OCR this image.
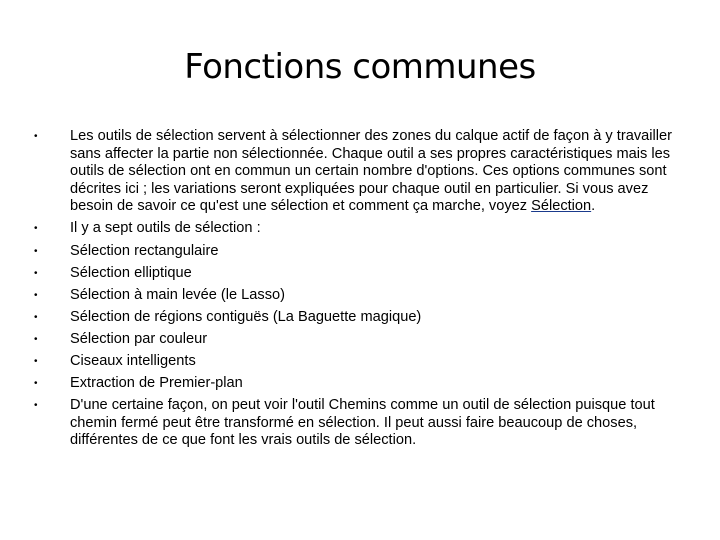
Fonctions communes
•	Les outils de sélection servent à sélectionner des zones du calque actif de façon à y travailler sans affecter la partie non sélectionnée. Chaque outil a ses propres caractéristiques mais les outils de sélection ont en commun un certain nombre d'options. Ces options communes sont décrites ici ; les variations seront expliquées pour chaque outil en particulier. Si vous avez besoin de savoir ce qu'est une sélection et comment ça marche, voyez Sélection.
•	Il y a sept outils de sélection :
•	Sélection rectangulaire
•	Sélection elliptique
•	Sélection à main levée (le Lasso)
•	Sélection de régions contiguës (La Baguette magique)
•	Sélection par couleur
•	Ciseaux intelligents
•	Extraction de Premier-plan
•	D'une certaine façon, on peut voir l'outil Chemins comme un outil de sélection puisque tout chemin fermé peut être transformé en sélection. Il peut aussi faire beaucoup de choses, différentes de ce que font les vrais outils de sélection.
